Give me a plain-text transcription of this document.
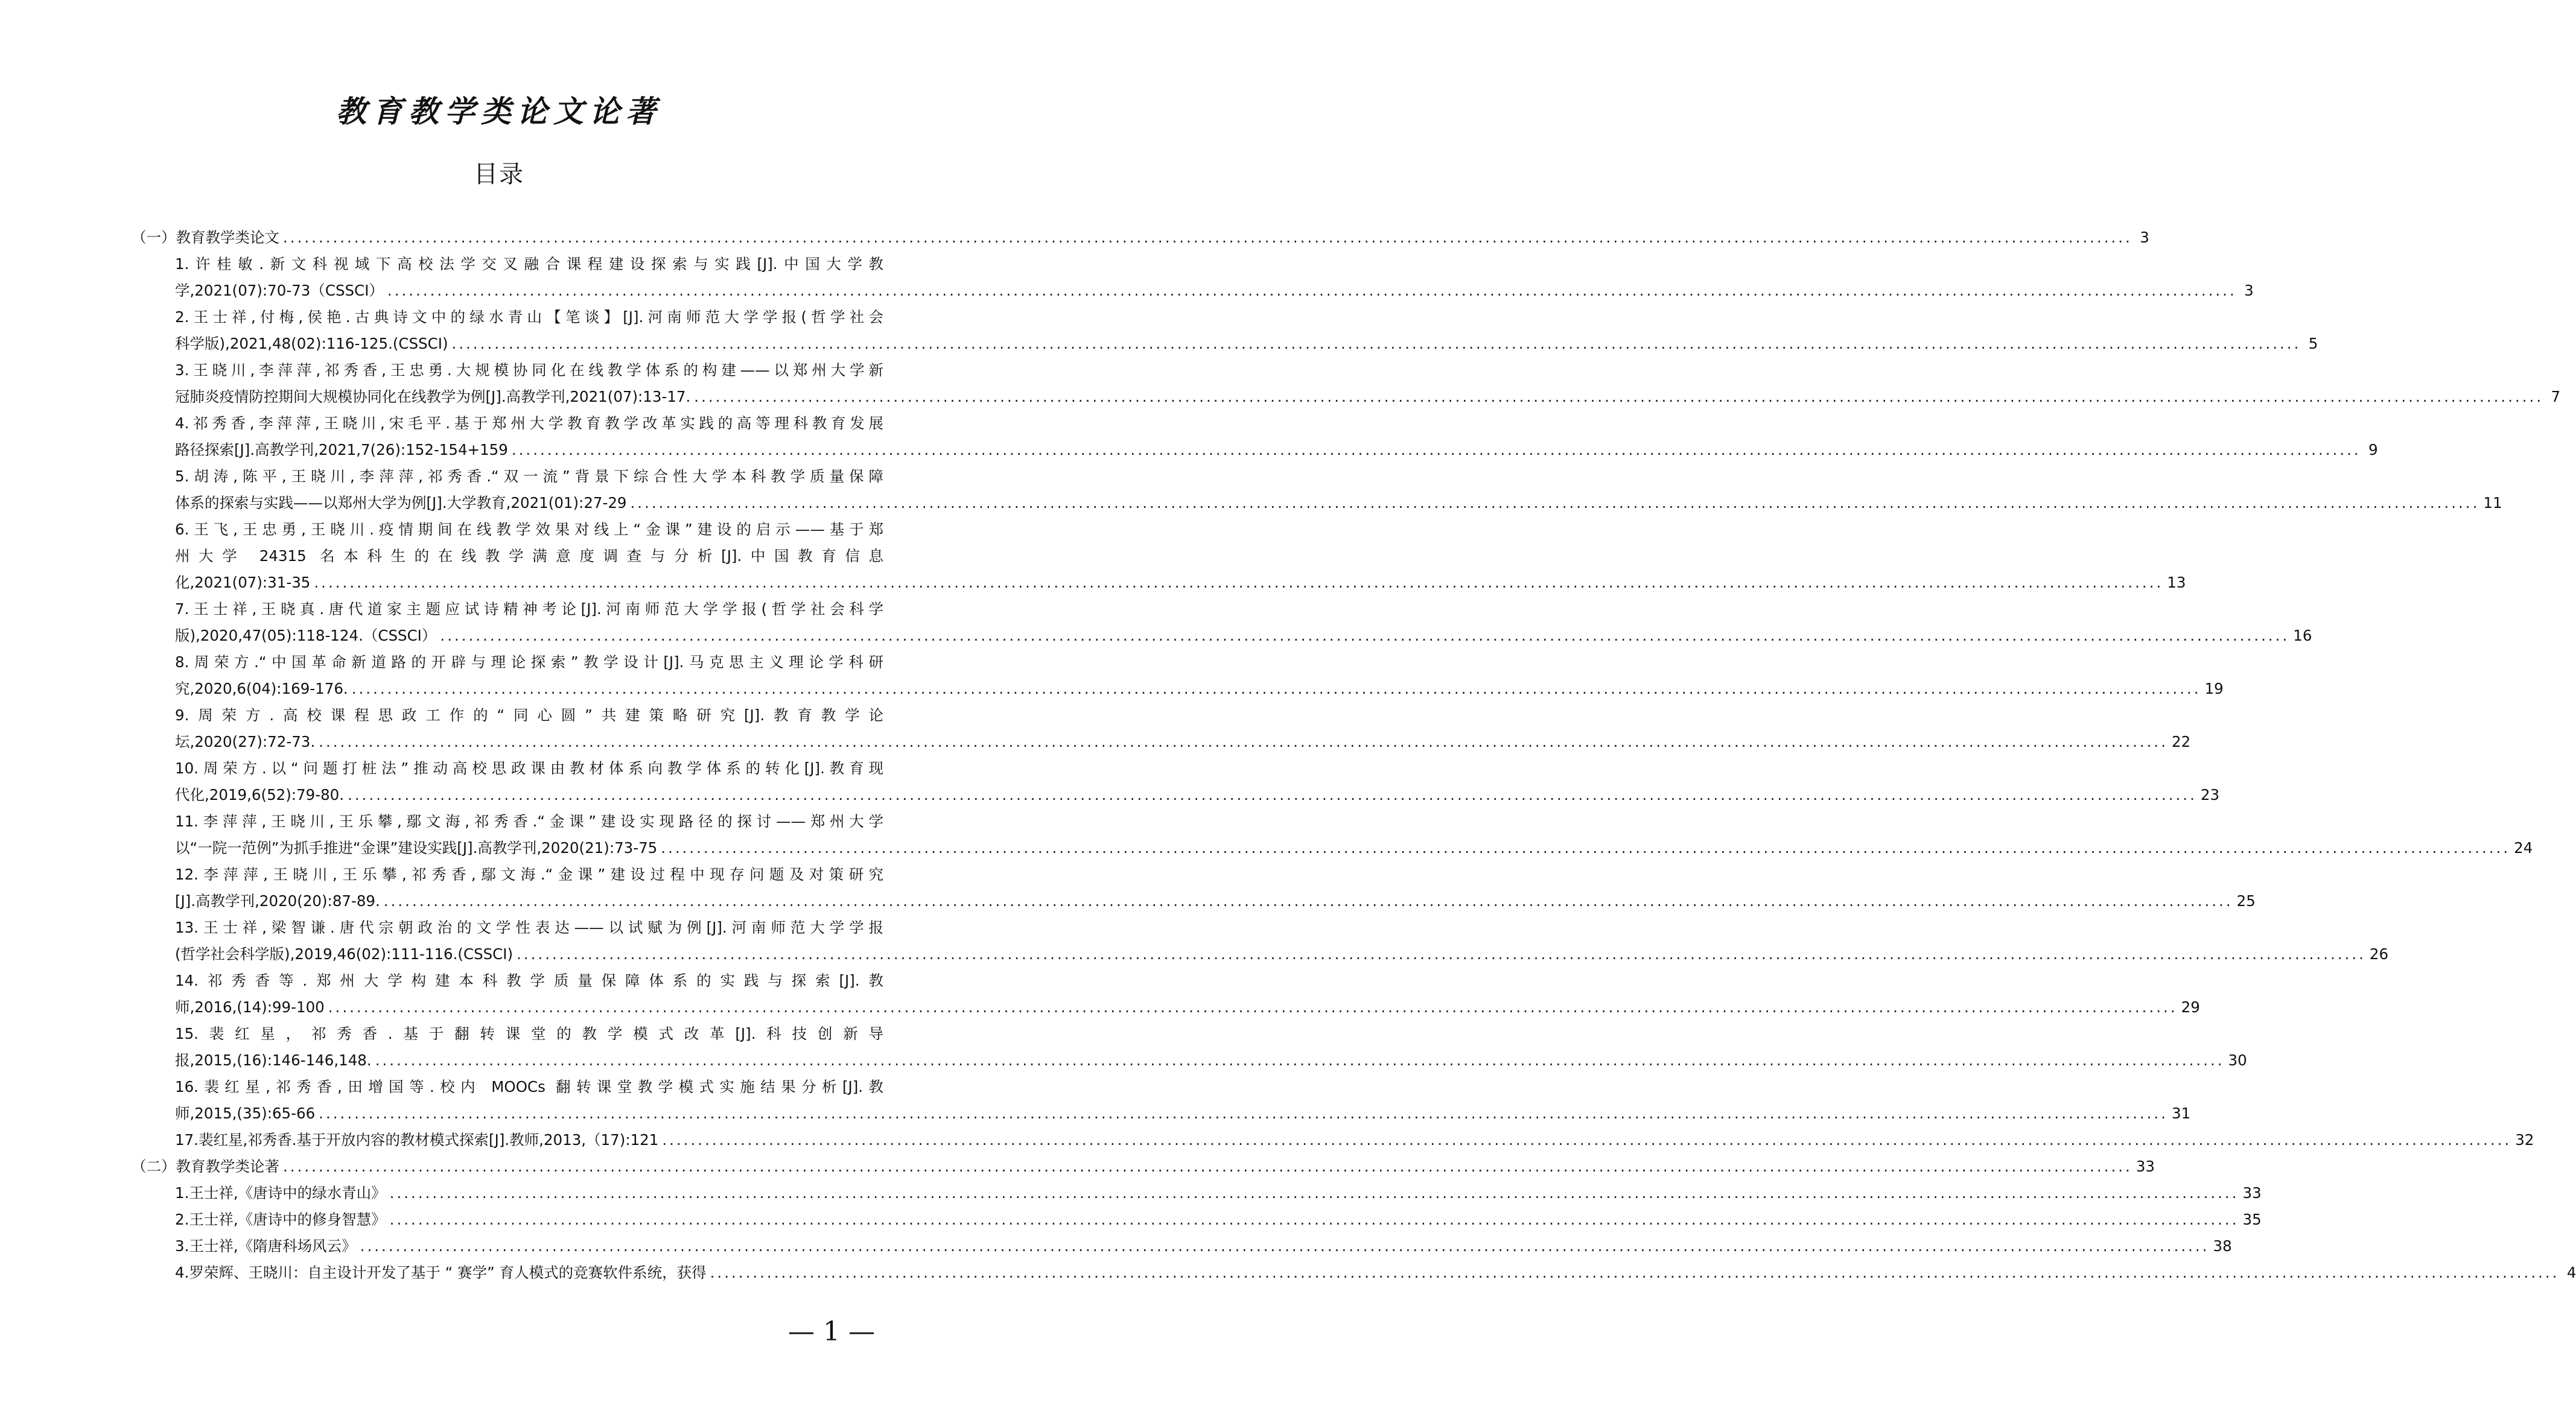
教育教学类论文论著
目录
（一）教育教学类论文 .................................................................................................................................................................................................................................................................... 3
1.许桂敏.新文科视域下高校法学交叉融合课程建设探索与实践[J].中国大学教
学,2021(07):70-73（CSSCI） .................................................................................................................................................................................................................................................................... 3
2.王士祥,付梅,侯艳.古典诗文中的绿水青山【笔谈】[J].河南师范大学学报(哲学社会
科学版),2021,48(02):116-125.(CSSCI) .................................................................................................................................................................................................................................................................... 5
3.王晓川,李萍萍,祁秀香,王忠勇.大规模协同化在线教学体系的构建——以郑州大学新
冠肺炎疫情防控期间大规模协同化在线教学为例[J].高教学刊,2021(07):13-17. .................................................................................................................................................................................................................................................................... 7
4.祁秀香,李萍萍,王晓川,宋毛平.基于郑州大学教育教学改革实践的高等理科教育发展
路径探索[J].高教学刊,2021,7(26):152-154+159 .................................................................................................................................................................................................................................................................... 9
5.胡涛,陈平,王晓川,李萍萍,祁秀香.“双一流”背景下综合性大学本科教学质量保障
体系的探索与实践——以郑州大学为例[J].大学教育,2021(01):27-29 .................................................................................................................................................................................................................................................................... 11
6.王飞,王忠勇,王晓川.疫情期间在线教学效果对线上“金课”建设的启示——基于郑
州大学 24315 名本科生的在线教学满意度调查与分析[J].中国教育信息
化,2021(07):31-35 .................................................................................................................................................................................................................................................................... 13
7.王士祥,王晓真.唐代道家主题应试诗精神考论[J].河南师范大学学报(哲学社会科学
版),2020,47(05):118-124.（CSSCI） .................................................................................................................................................................................................................................................................... 16
8.周荣方.“中国革命新道路的开辟与理论探索”教学设计[J].马克思主义理论学科研
究,2020,6(04):169-176. .................................................................................................................................................................................................................................................................... 19
9.周荣方.高校课程思政工作的“同心圆”共建策略研究[J].教育教学论
坛,2020(27):72-73. .................................................................................................................................................................................................................................................................... 22
10.周荣方.以“问题打桩法”推动高校思政课由教材体系向教学体系的转化[J].教育现
代化,2019,6(52):79-80. .................................................................................................................................................................................................................................................................... 23
11.李萍萍,王晓川,王乐攀,鄢文海,祁秀香.“金课”建设实现路径的探讨——郑州大学
以“一院一范例”为抓手推进“金课”建设实践[J].高教学刊,2020(21):73-75 .................................................................................................................................................................................................................................................................... 24
12.李萍萍,王晓川,王乐攀,祁秀香,鄢文海.“金课”建设过程中现存问题及对策研究
[J].高教学刊,2020(20):87-89. .................................................................................................................................................................................................................................................................... 25
13.王士祥,梁智谦.唐代宗朝政治的文学性表达——以试赋为例[J].河南师范大学学报
(哲学社会科学版),2019,46(02):111-116.(CSSCI) .................................................................................................................................................................................................................................................................... 26
14.祁秀香等.郑州大学构建本科教学质量保障体系的实践与探索[J].教
师,2016,(14):99-100 .................................................................................................................................................................................................................................................................... 29
15.裴红星，祁秀香.基于翻转课堂的教学模式改革[J].科技创新导
报,2015,(16):146-146,148. .................................................................................................................................................................................................................................................................... 30
16.裴红星,祁秀香,田增国等.校内 MOOCs 翻转课堂教学模式实施结果分析[J].教
师,2015,(35):65-66 .................................................................................................................................................................................................................................................................... 31
17.裴红星,祁秀香.基于开放内容的教材模式探索[J].教师,2013,（17):121 .................................................................................................................................................................................................................................................................... 32
（二）教育教学类论著 .................................................................................................................................................................................................................................................................... 33
1.王士祥,《唐诗中的绿水青山》 .................................................................................................................................................................................................................................................................... 33
2.王士祥,《唐诗中的修身智慧》 .................................................................................................................................................................................................................................................................... 35
3.王士祥,《隋唐科场风云》 .................................................................................................................................................................................................................................................................... 38
4.罗荣辉、王晓川：自主设计开发了基于 “ 赛学” 育人模式的竞赛软件系统，获得 .................................................................................................................................................................................................................................................................... 4
— 1 —
